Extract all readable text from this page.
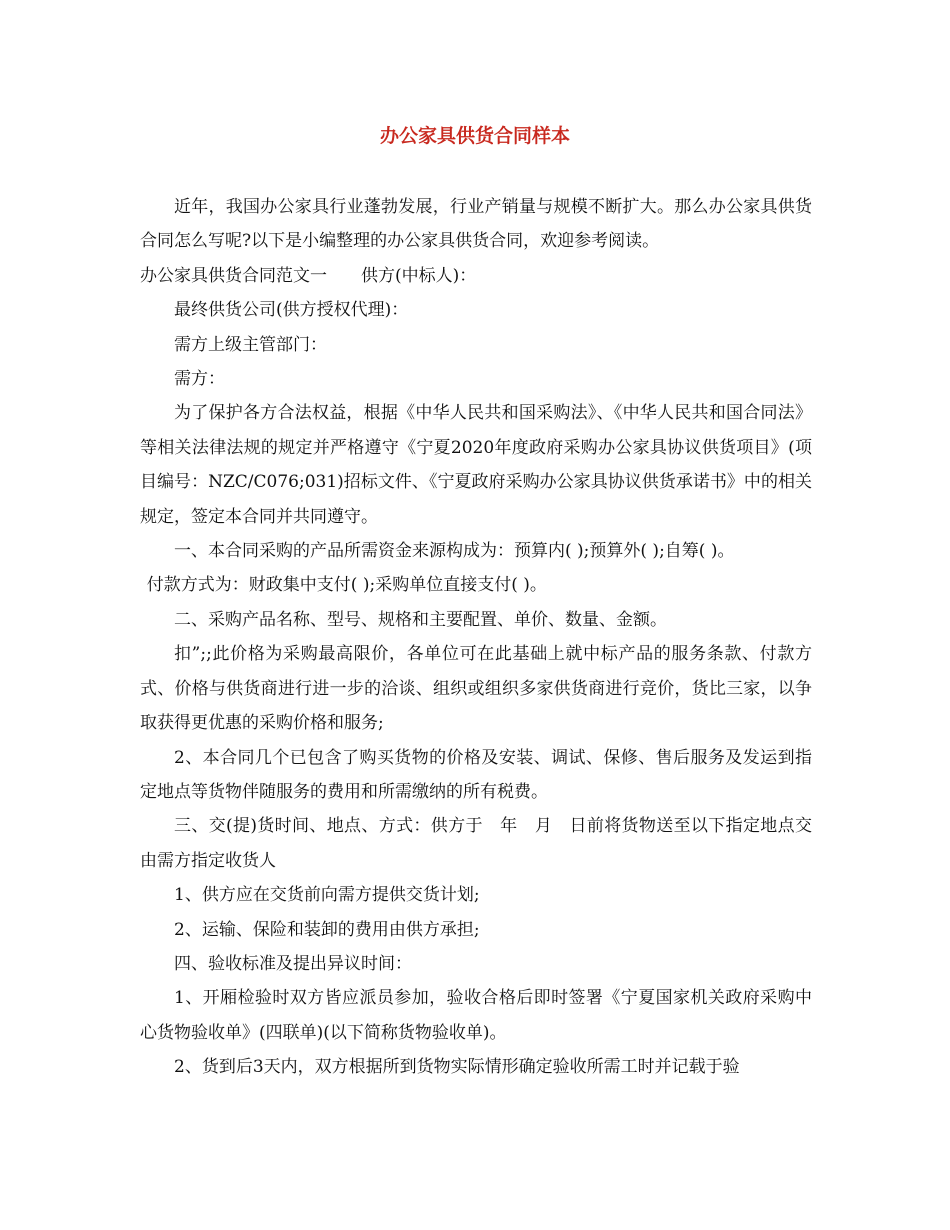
办公家具供货合同样本

近年，我国办公家具行业蓬勃发展，行业产销量与规模不断扩大。那么办公家具供货合同怎么写呢?以下是小编整理的办公家具供货合同，欢迎参考阅读。

办公家具供货合同范文一　　供方(中标人)：

最终供货公司(供方授权代理)：

需方上级主管部门：

需方：

为了保护各方合法权益，根据《中华人民共和国采购法》、《中华人民共和国合同法》等相关法律法规的规定并严格遵守《宁夏2020年度政府采购办公家具协议供货项目》(项目编号：NZC/C076;031)招标文件、《宁夏政府采购办公家具协议供货承诺书》中的相关规定，签定本合同并共同遵守。

一、本合同采购的产品所需资金来源构成为：预算内( );预算外( );自筹( )。

付款方式为：财政集中支付( );采购单位直接支付( )。

二、采购产品名称、型号、规格和主要配置、单价、数量、金额。

扣”;;此价格为采购最高限价，各单位可在此基础上就中标产品的服务条款、付款方式、价格与供货商进行进一步的洽谈、组织或组织多家供货商进行竞价，货比三家，以争取获得更优惠的采购价格和服务;

2、本合同几个已包含了购买货物的价格及安装、调试、保修、售后服务及发运到指定地点等货物伴随服务的费用和所需缴纳的所有税费。

三、交(提)货时间、地点、方式：供方于　年　月　日前将货物送至以下指定地点交由需方指定收货人

1、供方应在交货前向需方提供交货计划;

2、运输、保险和装卸的费用由供方承担;

四、验收标准及提出异议时间：

1、开厢检验时双方皆应派员参加，验收合格后即时签署《宁夏国家机关政府采购中心货物验收单》(四联单)(以下简称货物验收单)。

2、货到后3天内，双方根据所到货物实际情形确定验收所需工时并记载于验
